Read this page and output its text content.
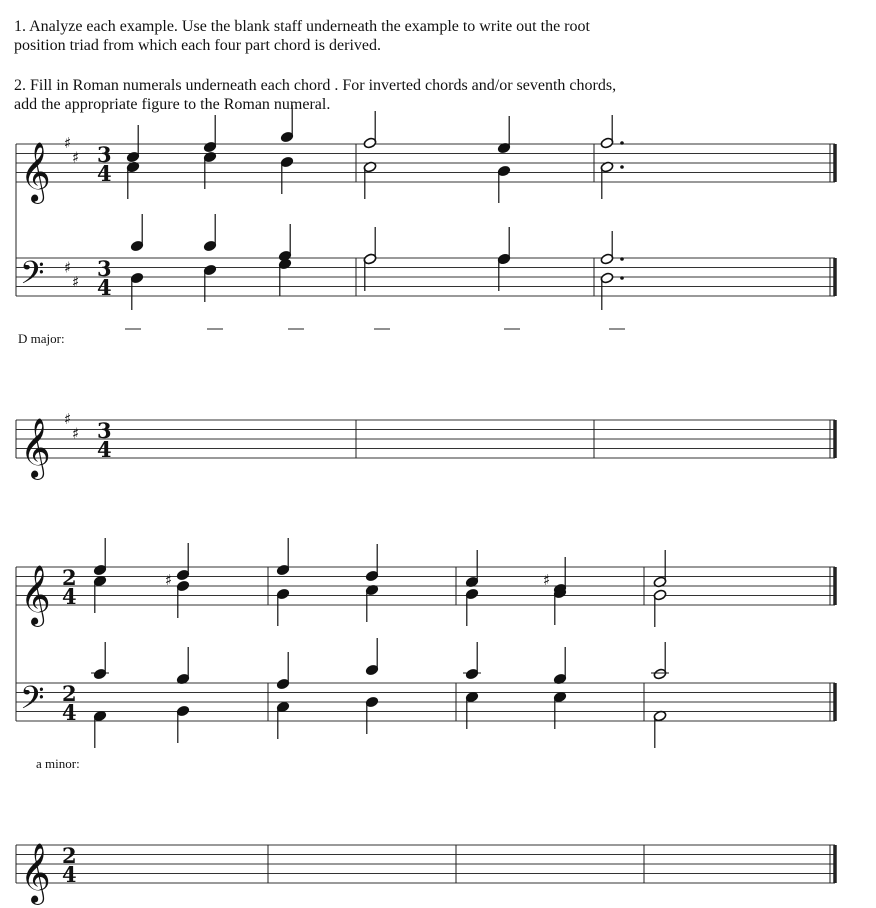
1. Analyze each example. Use the blank staff underneath the example to write out the root

position triad from which each four part chord is derived.

2. Fill in Roman numerals underneath each chord . For inverted chords and/or seventh chords,

add the appropriate figure to the Roman numeral.

D major:
a minor:
𝄞
𝄢
♯
♯
♯
♯
3
4
3
4
𝄞 ♯
♯ 3
4
𝄞
𝄢
2
4
2
4
♯	♯
𝄞 2
4
